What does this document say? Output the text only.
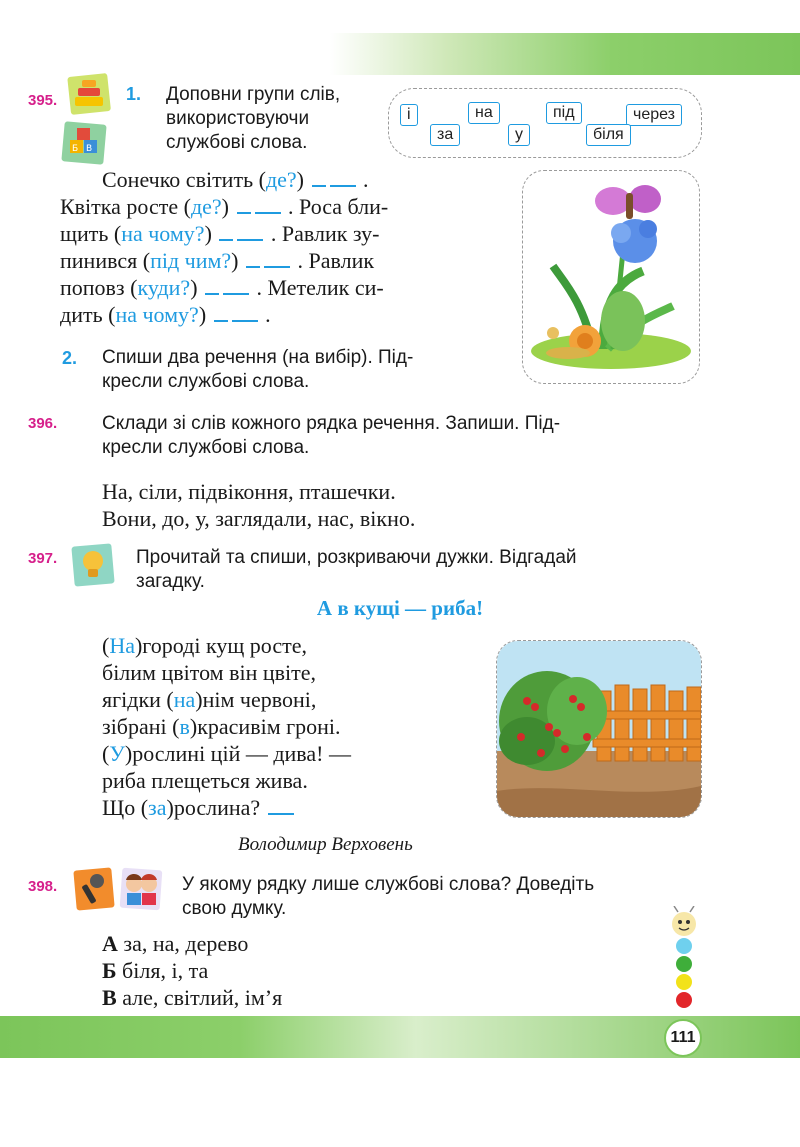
111
395.
Б В
1. Доповни групи слів,
використовуючи
службові слова.
і	на	під	через
за	у	біля
Сонечко світить (де?)	.
Квітка росте (де?)	. Роса бли-
щить (на чому?)	. Равлик зу-
пинився (під чим?)	. Равлик
поповз (куди?)	. Метелик си-
дить (на чому?)	.
2. Спиши два речення (на вибір). Під-
кресли службові слова.
396. Склади зі слів кожного рядка речення. Запиши. Під-
кресли службові слова.
На, сіли, підвіконня, пташечки.
Вони, до, у, заглядали, нас, вікно.
397.	Прочитай та спиши, розкриваючи дужки. Відгадай
загадку.
А в кущі — риба!
(На)городі кущ росте,
білим цвітом він цвіте,
ягідки (на)нім червоні,
зібрані (в)красивім гроні.
(У)рослині цій — дива! —
риба плещеться жива.
Що (за)рослина?
Володимир Верховень
398.	У якому рядку лише службові слова? Доведіть
свою думку.
А за, на, дерево
Б біля, і, та
В але, світлий, ім’я
